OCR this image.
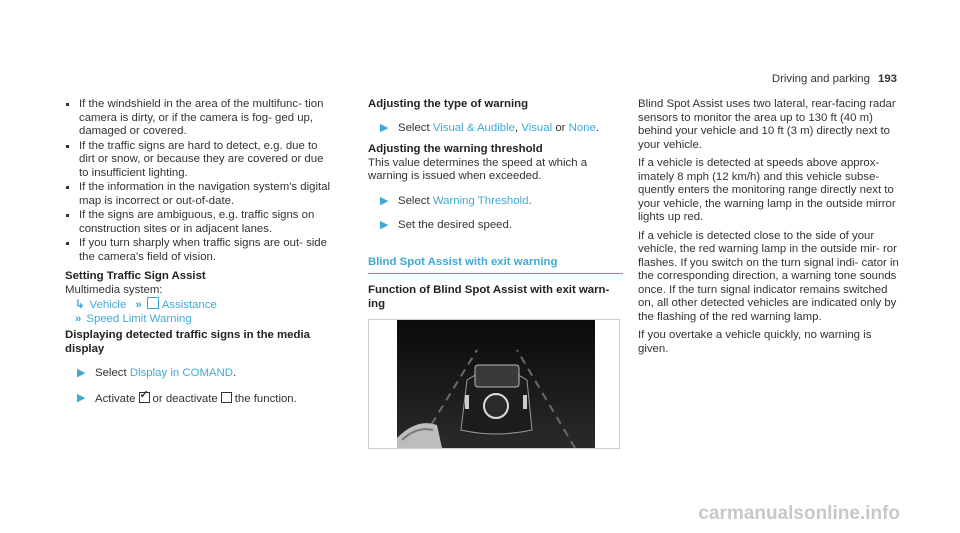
Driving and parking 193
If the windshield in the area of the multifunc- tion camera is dirty, or if the camera is fog- ged up, damaged or covered.
If the traffic signs are hard to detect, e.g. due to dirt or snow, or because they are covered or due to insufficient lighting.
If the information in the navigation system's digital map is incorrect or out-of-date.
If the signs are ambiguous, e.g. traffic signs on construction sites or in adjacent lanes.
If you turn sharply when traffic signs are out- side the camera's field of vision.
Setting Traffic Sign Assist
Multimedia system:
↳ Vehicle » Assistance
» Speed Limit Warning
Displaying detected traffic signs in the media display
▶ Select Display in COMAND.
▶ Activate✓ or deactivate the function.
Adjusting the type of warning
▶ Select Visual & Audible, Visual or None.
Adjusting the warning threshold
This value determines the speed at which a warning is issued when exceeded.
▶ Select Warning Threshold.
▶ Set the desired speed.
Blind Spot Assist with exit warning
Function of Blind Spot Assist with exit warn- ing
Blind Spot Assist uses two lateral, rear-facing radar sensors to monitor the area up to 130 ft (40 m) behind your vehicle and 10 ft (3 m) directly next to your vehicle.
If a vehicle is detected at speeds above approx- imately 8 mph (12 km/h) and this vehicle subse- quently enters the monitoring range directly next to your vehicle, the warning lamp in the outside mirror lights up red.
If a vehicle is detected close to the side of your vehicle, the red warning lamp in the outside mir- ror flashes. If you switch on the turn signal indi- cator in the corresponding direction, a warning tone sounds once. If the turn signal indicator remains switched on, all other detected vehicles are indicated only by the flashing of the red warning lamp.
If you overtake a vehicle quickly, no warning is given.
carmanualsonline.info
